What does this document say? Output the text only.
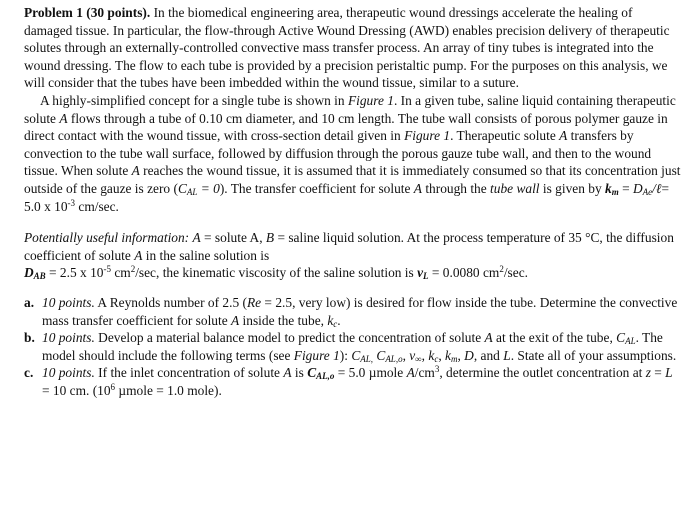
Problem 1 (30 points). In the biomedical engineering area, therapeutic wound dressings accelerate the healing of damaged tissue. In particular, the flow-through Active Wound Dressing (AWD) enables precision delivery of therapeutic solutes through an externally-controlled convective mass transfer process. An array of tiny tubes is integrated into the wound dressing. The flow to each tube is provided by a precision peristaltic pump. For the purposes on this analysis, we will consider that the tubes have been imbedded within the wound tissue, similar to a suture.

A highly-simplified concept for a single tube is shown in Figure 1. In a given tube, saline liquid containing therapeutic solute A flows through a tube of 0.10 cm diameter, and 10 cm length. The tube wall consists of porous polymer gauze in direct contact with the wound tissue, with cross-section detail given in Figure 1. Therapeutic solute A transfers by convection to the tube wall surface, followed by diffusion through the porous gauze tube wall, and then to the wound tissue. When solute A reaches the wound tissue, it is assumed that it is immediately consumed so that its concentration just outside of the gauze is zero $(C_{AL} = 0)$. The transfer coefficient for solute A through the tube wall is given by $k_m$ = $D_{Ae}/\ell= 5.0$ x $10^{-3}$ cm/sec.

Potentially useful information: A = solute A, B = saline liquid solution. At the process temperature of 35 °C, the diffusion coefficient of solute A in the saline solution is
$D_{AB} = 2.5$ x $10^{-5}$ $cm^2/\sec$, the kinematic viscosity of the saline solution is $\nu_L = 0.0080$ $cm^2/\sec$.

a. 10 points. A Reynolds number of 2.5 (Re = 2.5, very low) is desired for flow inside the tube. Determine the convective mass transfer coefficient for solute A inside the tube, $k_c$.
b. 10 points. Develop a material balance model to predict the concentration of solute A at the exit of the tube, $C_{AL}$. The model should include the following terms (see Figure 1): $C_{AL,}$ $C_{AL,o}$, $v_\infty$, $k_c$, $k_m$, D, and L. State all of your assumptions.
c. 10 points. If the inlet concentration of solute A is $C_{AL,o} = 5.0$ µmole $A/cm^3$, determine the outlet concentration at z = L = 10 cm. ($10^6$ µmole = 1.0 mole).
